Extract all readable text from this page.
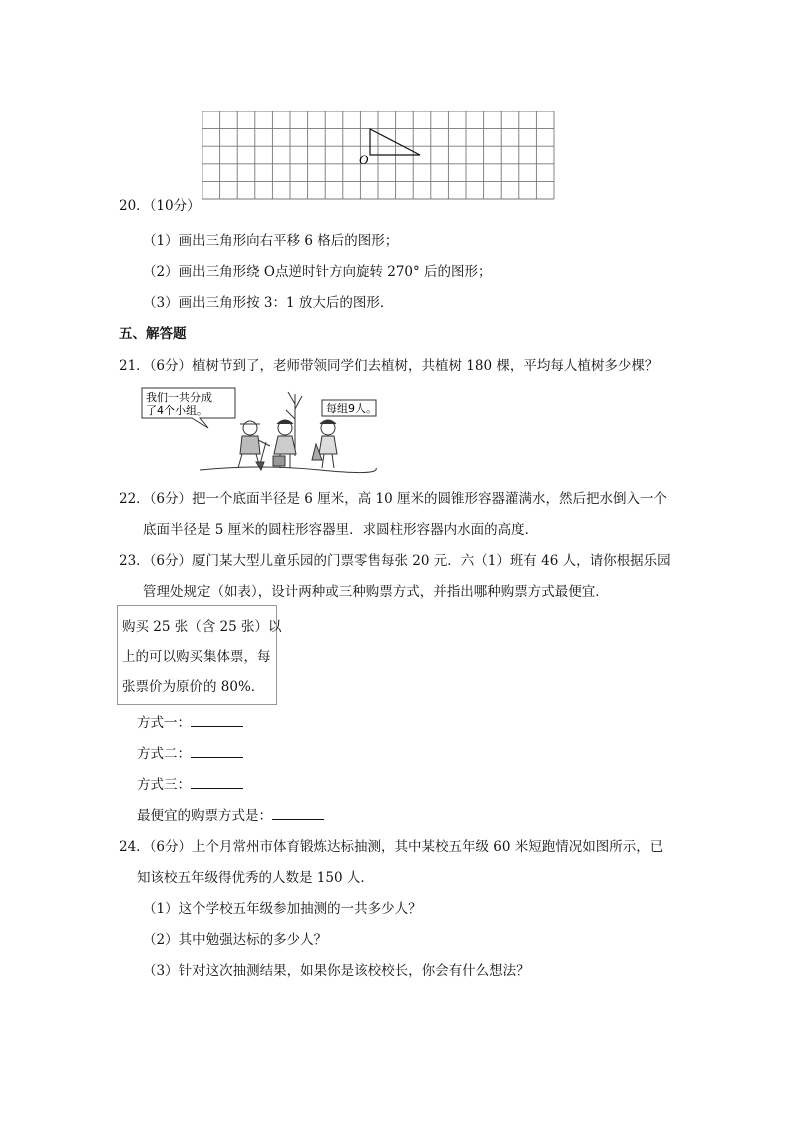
O
20．（10分）
（1）画出三角形向右平移 6 格后的图形；
（2）画出三角形绕 O点逆时针方向旋转 270° 后的图形；
（3）画出三角形按 3：1 放大后的图形．
五、解答题
21．（6分）植树节到了，老师带领同学们去植树，共植树 180 棵，平均每人植树多少棵？
我们一共分成
了4个小组。	每组9人。
22．（6分）把一个底面半径是 6 厘米，高 10 厘米的圆锥形容器灌满水，然后把水倒入一个
底面半径是 5 厘米的圆柱形容器里．求圆柱形容器内水面的高度．
23．（6分）厦门某大型儿童乐园的门票零售每张 20 元．六（1）班有 46 人，请你根据乐园
管理处规定（如表），设计两种或三种购票方式，并指出哪种购票方式最便宜．
购买 25 张（含 25 张）以
上的可以购买集体票，每
张票价为原价的 80%．
方式一：
方式二：
方式三：
最便宜的购票方式是：
24．（6分）上个月常州市体育锻炼达标抽测，其中某校五年级 60 米短跑情况如图所示，已
知该校五年级得优秀的人数是 150 人．
（1）这个学校五年级参加抽测的一共多少人？
（2）其中勉强达标的多少人？
（3）针对这次抽测结果，如果你是该校校长，你会有什么想法？
